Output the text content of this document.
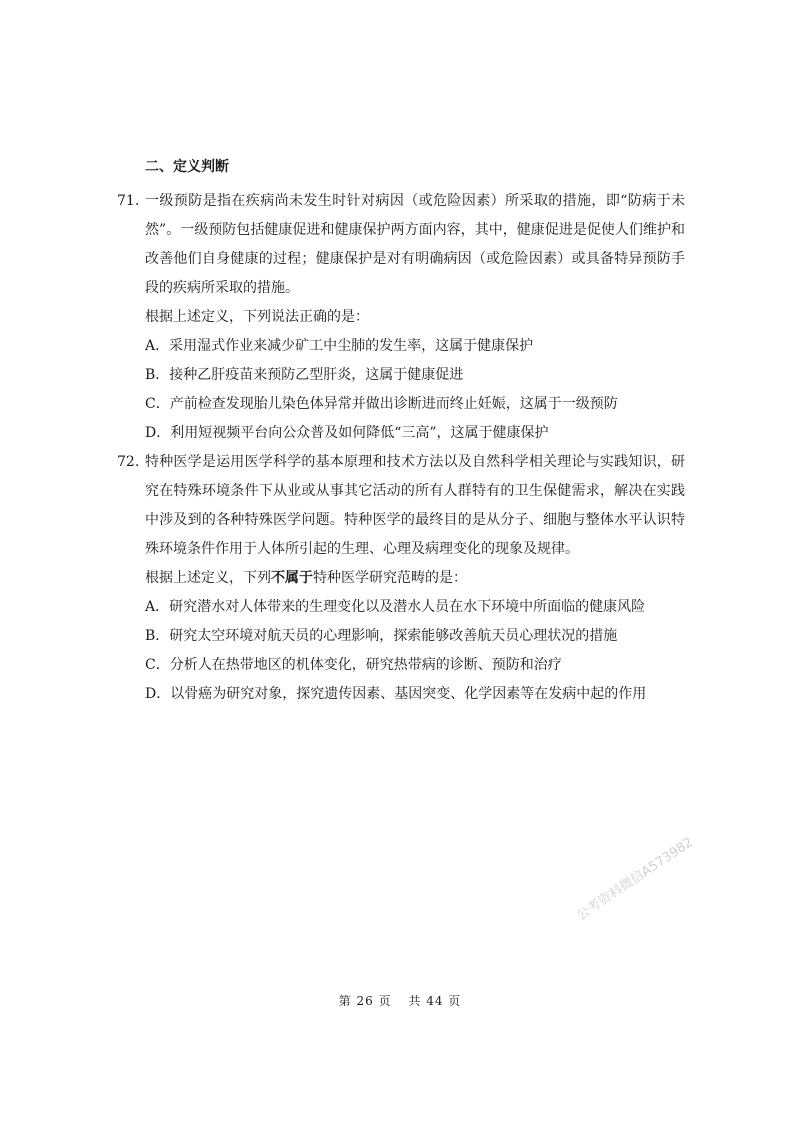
二、定义判断
71. 一级预防是指在疾病尚未发生时针对病因（或危险因素）所采取的措施，即“防病于未然”。一级预防包括健康促进和健康保护两方面内容，其中，健康促进是促使人们维护和改善他们自身健康的过程；健康保护是对有明确病因（或危险因素）或具备特异预防手段的疾病所采取的措施。
根据上述定义，下列说法正确的是：
A．采用湿式作业来减少矿工中尘肺的发生率，这属于健康保护
B．接种乙肝疫苗来预防乙型肝炎，这属于健康促进
C．产前检查发现胎儿染色体异常并做出诊断进而终止妊娠，这属于一级预防
D．利用短视频平台向公众普及如何降低“三高”，这属于健康保护
72. 特种医学是运用医学科学的基本原理和技术方法以及自然科学相关理论与实践知识，研究在特殊环境条件下从业或从事其它活动的所有人群特有的卫生保健需求，解决在实践中涉及到的各种特殊医学问题。特种医学的最终目的是从分子、细胞与整体水平认识特殊环境条件作用于人体所引起的生理、心理及病理变化的现象及规律。
根据上述定义，下列不属于特种医学研究范畴的是：
A．研究潜水对人体带来的生理变化以及潜水人员在水下环境中所面临的健康风险
B．研究太空环境对航天员的心理影响，探索能够改善航天员心理状况的措施
C．分析人在热带地区的机体变化，研究热带病的诊断、预防和治疗
D．以骨癌为研究对象，探究遗传因素、基因突变、化学因素等在发病中起的作用
公考资料微信A573982
第 26 页 共 44 页
